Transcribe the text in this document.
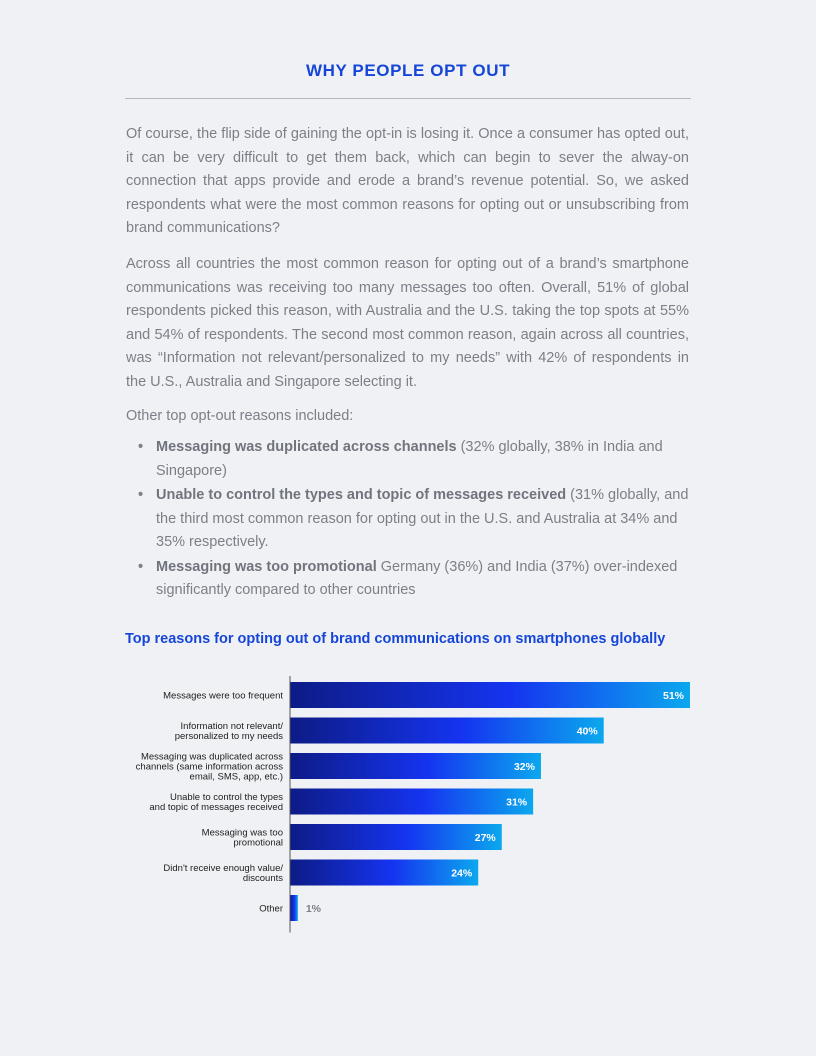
WHY PEOPLE OPT OUT

Of course, the flip side of gaining the opt-in is losing it. Once a consumer has opted out, it can be very difficult to get them back, which can begin to sever the alway-on connection that apps provide and erode a brand’s revenue potential. So, we asked respondents what were the most common reasons for opting out or unsubscribing from brand communications?

Across all countries the most common reason for opting out of a brand’s smartphone communications was receiving too many messages too often. Overall, 51% of global respondents picked this reason, with Australia and the U.S. taking the top spots at 55% and 54% of respondents. The second most common reason, again across all countries, was “Information not relevant/personalized to my needs” with 42% of respondents in the U.S., Australia and Singapore selecting it.

Other top opt-out reasons included:

• Messaging was duplicated across channels (32% globally, 38% in India and Singapore)
• Unable to control the types and topic of messages received (31% globally, and the third most common reason for opting out in the U.S. and Australia at 34% and 35% respectively.
• Messaging was too promotional Germany (36%) and India (37%) over-indexed significantly compared to other countries
Top reasons for opting out of brand communications on smartphones globally
51%
Messages were too frequent
40%
Information not relevant/ personalized to my needs
32%
Messaging was duplicated across channels (same information across email, SMS, app, etc.)
31%
Unable to control the types and topic of messages received
27%
Messaging was too promotional
24%
Didn't receive enough value/ discounts
1%
Other
